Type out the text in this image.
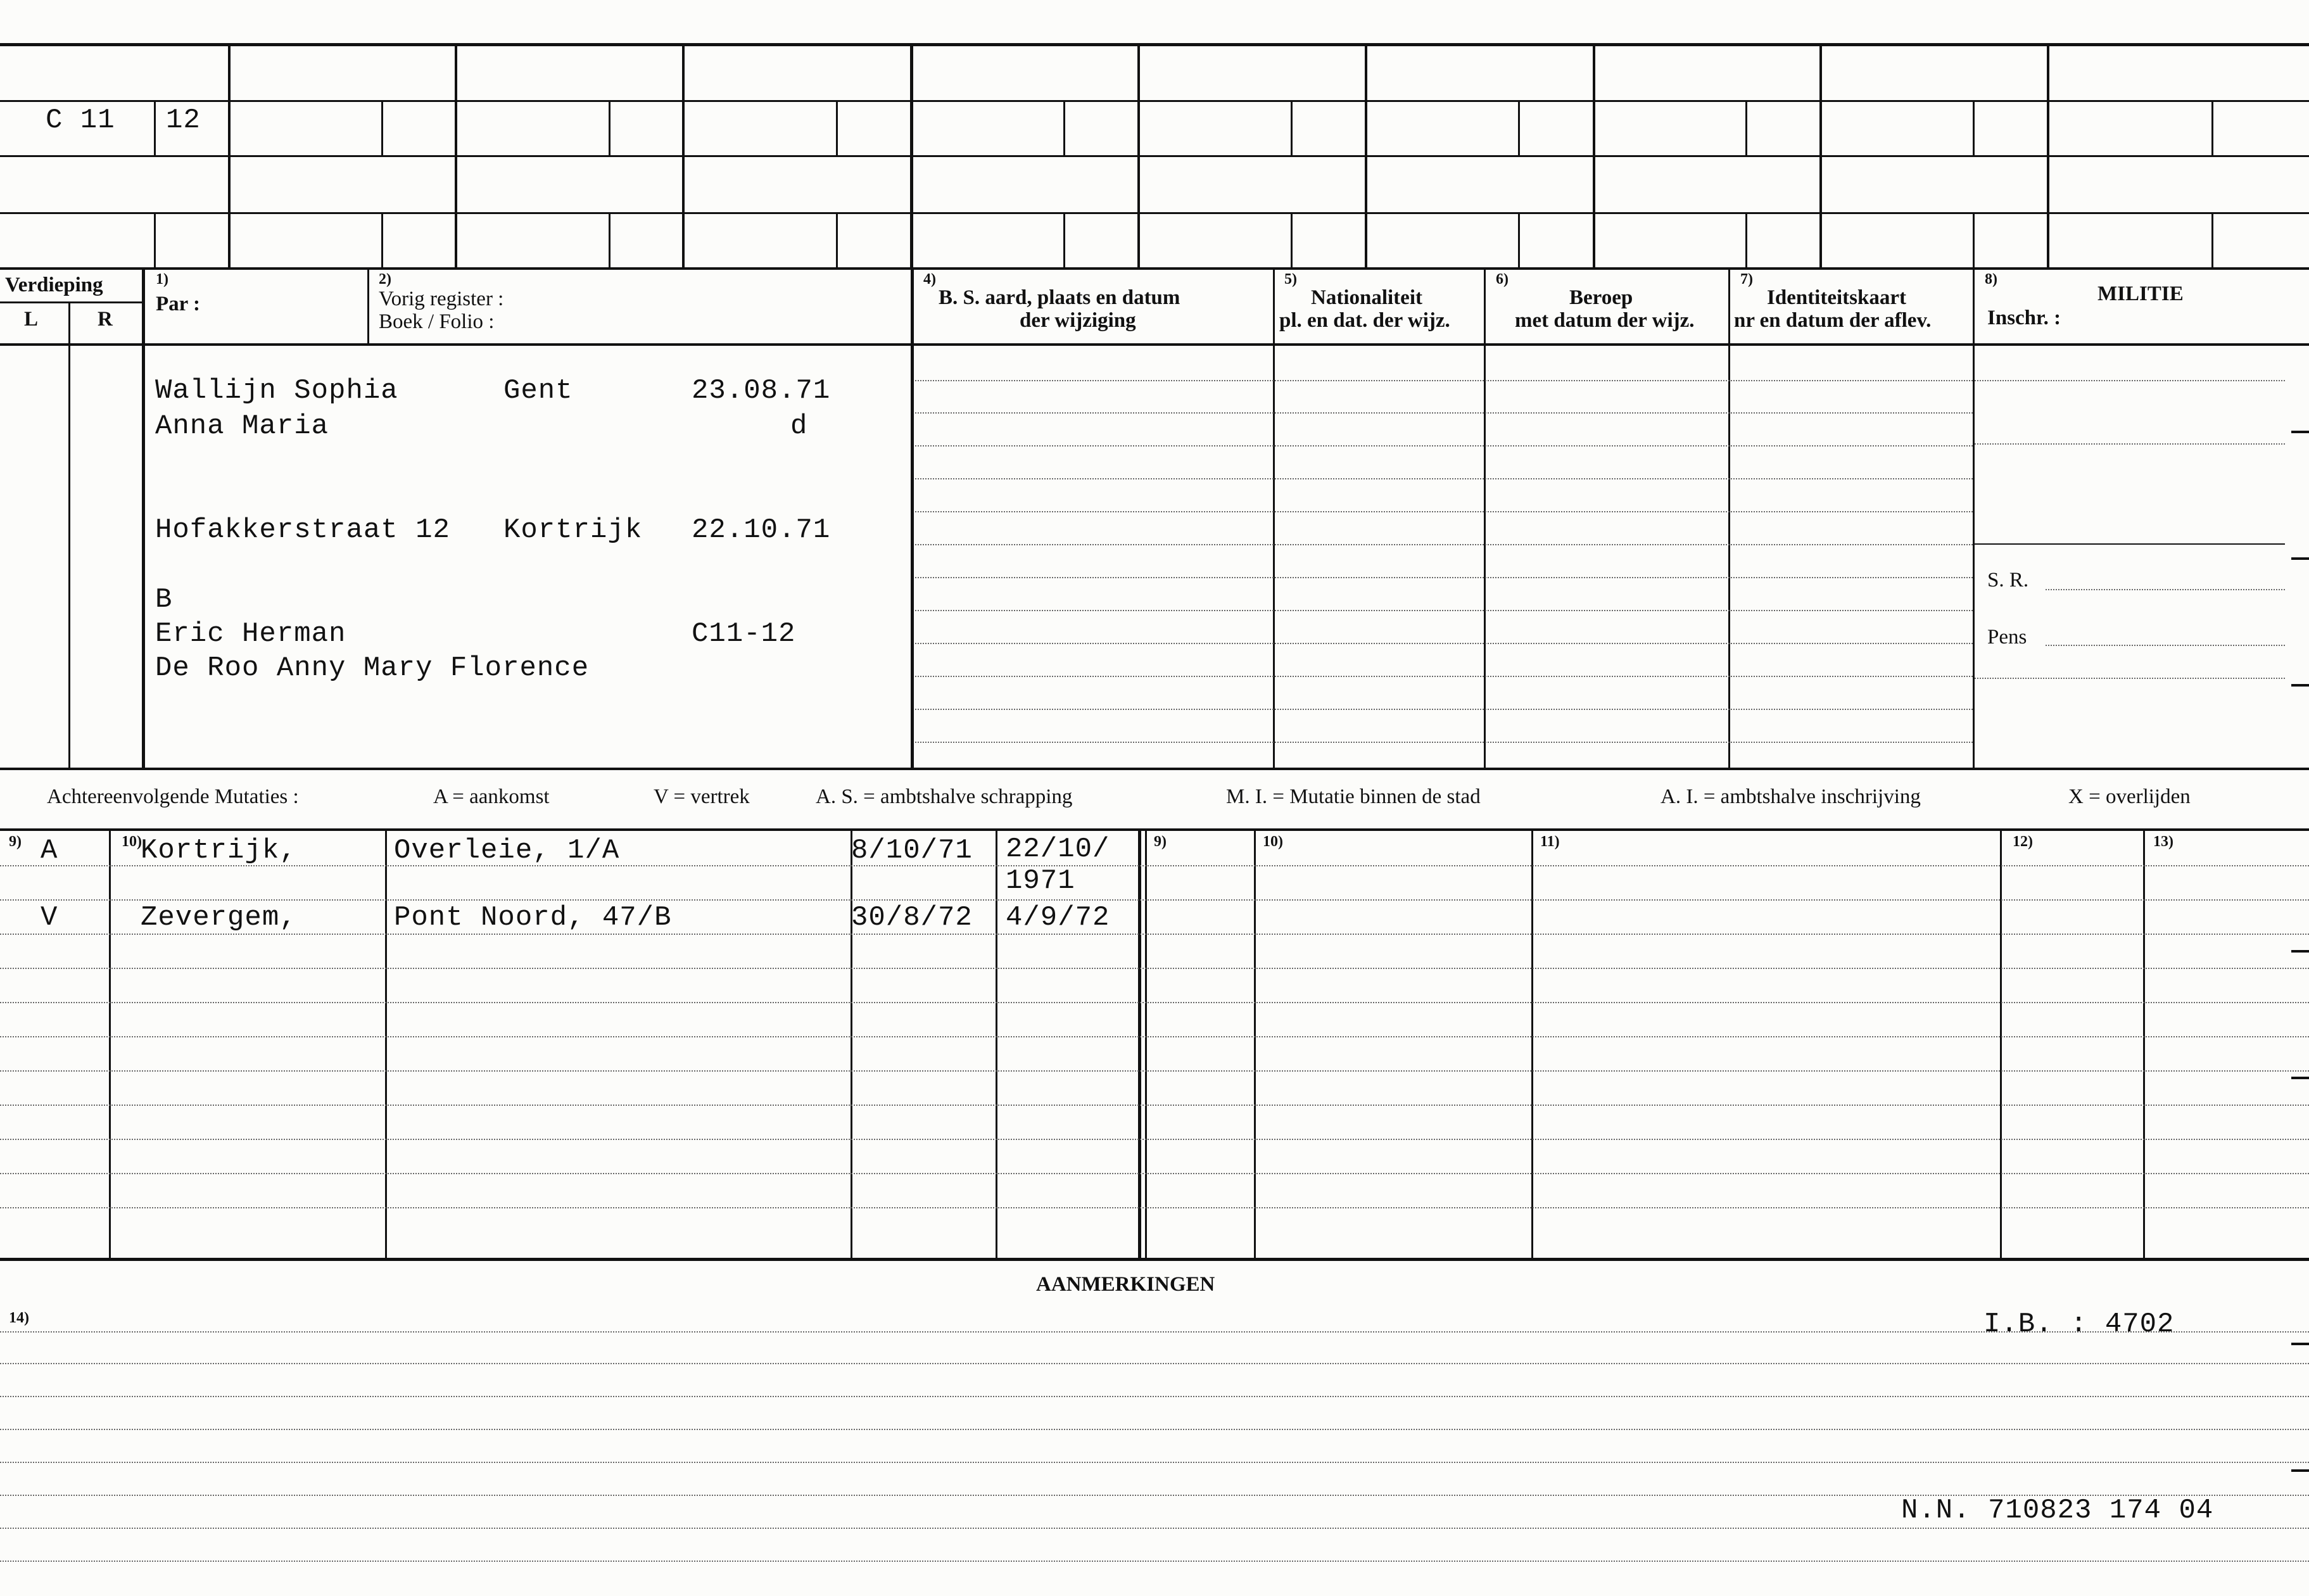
C 11 12
Verdieping
L	R
1)
Par :
2)
Vorig register :
Boek / Folio :
4)
B. S. aard, plaats en datum
der wijziging
5)
Nationaliteit
pl. en dat. der wijz.
6)
Beroep
met datum der wijz.
7)
Identiteitskaart
nr en datum der aflev.
8)
MILITIE
Inschr. :
S. R.
Pens
Wallijn Sophia	Gent	23.08.71
Anna Maria	d
Hofakkerstraat 12 Kortrijk 22.10.71
B
Eric Herman	C11-12
De Roo Anny Mary Florence
Achtereenvolgende Mutaties :	A = aankomst	V = vertrek	A. S. = ambtshalve schrapping	M. I. = Mutatie binnen de stad	A. I. = ambtshalve inschrijving	X = overlijden
9)	10)	9)	10)	11)	12)	13)
A	Kortrijk,	Overleie, 1/A	8/10/71 22/10/
1971
V	Zevergem,	Pont Noord, 47/B	30/8/72 4/9/72
AANMERKINGEN
14)	I.B. : 4702
N.N. 710823 174 04
